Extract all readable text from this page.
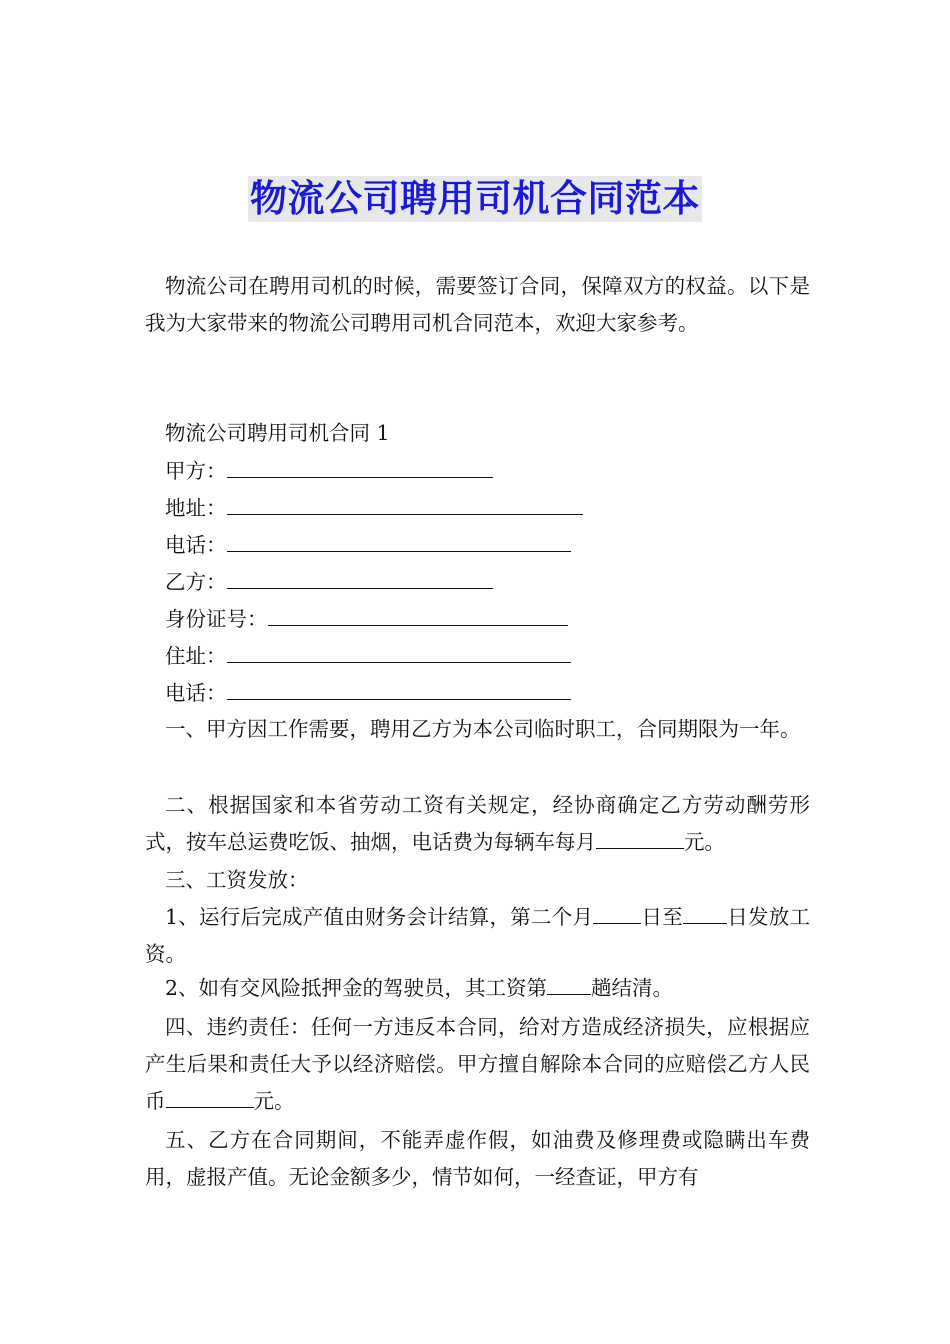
物流公司聘用司机合同范本

物流公司在聘用司机的时候，需要签订合同，保障双方的权益。以下是我为大家带来的物流公司聘用司机合同范本，欢迎大家参考。

物流公司聘用司机合同 1
甲方：
地址：
电话：
乙方：
身份证号：
住址：
电话：

一、甲方因工作需要，聘用乙方为本公司临时职工，合同期限为一年。

二、根据国家和本省劳动工资有关规定，经协商确定乙方劳动酬劳形式，按车总运费吃饭、抽烟，电话费为每辆车每月	元。

三、工资发放：

1、运行后完成产值由财务会计结算，第二个月 日至 日发放工资。

2、如有交风险抵押金的驾驶员，其工资第 趟结清。

四、违约责任：任何一方违反本合同，给对方造成经济损失，应根据应产生后果和责任大予以经济赔偿。甲方擅自解除本合同的应赔偿乙方人民币	元。

五、乙方在合同期间，不能弄虚作假，如油费及修理费或隐瞒出车费用，虚报产值。无论金额多少，情节如何，一经查证，甲方有
